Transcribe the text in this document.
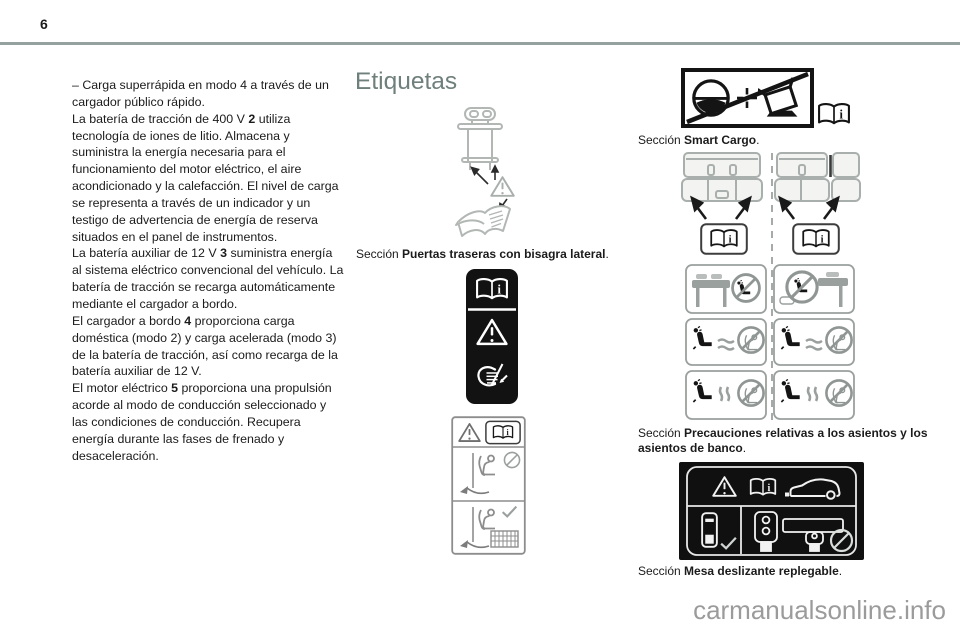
6

– Carga superrápida en modo 4 a través de un cargador público rápido.

La batería de tracción de 400 V 2 utiliza tecnología de iones de litio. Almacena y suministra la energía necesaria para el funcionamiento del motor eléctrico, el aire acondicionado y la calefacción. El nivel de carga se representa a través de un indicador y un testigo de advertencia de energía de reserva situados en el panel de instrumentos.

La batería auxiliar de 12 V 3 suministra energía al sistema eléctrico convencional del vehículo. La batería de tracción se recarga automáticamente mediante el cargador a bordo.

El cargador a bordo 4 proporciona carga doméstica (modo 2) y carga acelerada (modo 3) de la batería de tracción, así como recarga de la batería auxiliar de 12 V.

El motor eléctrico 5 proporciona una propulsión acorde al modo de conducción seleccionado y las condiciones de conducción. Recupera energía durante las fases de frenado y desaceleración.

Etiquetas
Sección Puertas traseras con bisagra lateral.
Sección Smart Cargo.
Sección Precauciones relativas a los asientos y los asientos de banco.
Sección Mesa deslizante replegable.
carmanualsonline.info
